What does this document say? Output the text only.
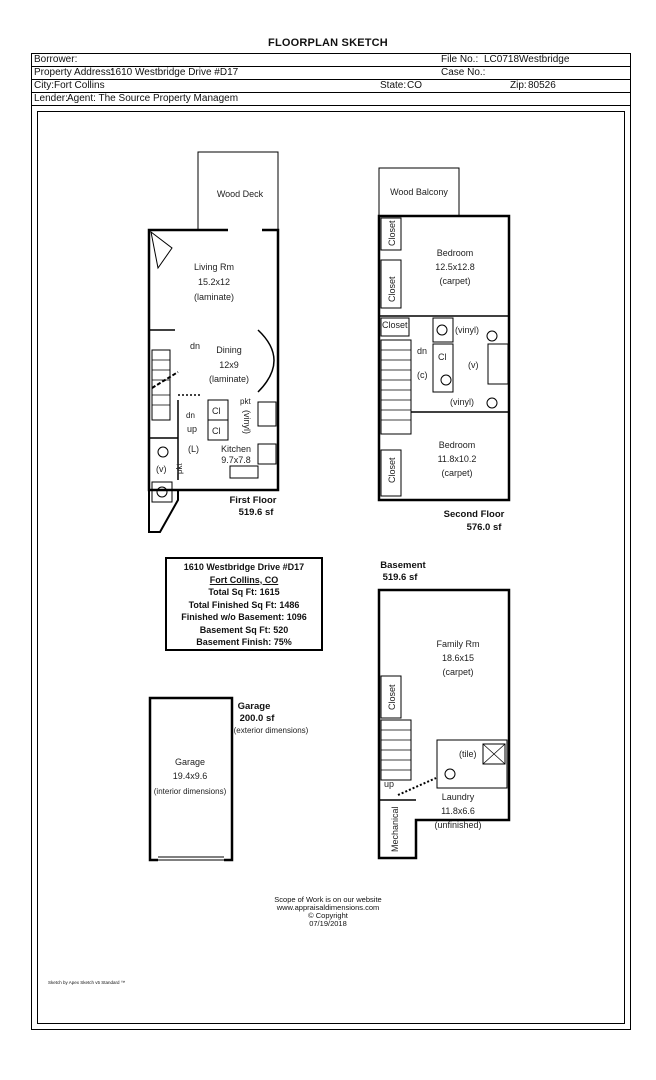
FLOORPLAN SKETCH
Borrower:	File No.: LC0718Westbridge
Property Address:
1610 Westbridge Drive #D17	Case No.:
City: Fort Collins	State: CO	Zip: 80526
Lender: Agent: The Source Property Managem
Wood Deck
Living Rm
15.2x12
(laminate)
dn Dining
12x9
(laminate)
dn
up
Cl
Cl
pkt
(vinyl)
(L) Kitchen
9.7x7.8
(v) pkt
First Floor
519.6 sf
Wood Balcony
Closet
Closet
Bedroom
12.5x12.8
(carpet)
Closet	(vinyl)
dn
Cl
(v)
(c)
(vinyl)
Bedroom
11.8x10.2
(carpet)
Closet
Second Floor
576.0 sf
Basement
519.6 sf
Family Rm
18.6x15
(carpet)
Closet
(tile)
up
Laundry
11.8x6.6
(unfinished)
Mechanical
Garage
200.0 sf
(exterior dimensions)
Garage
19.4x9.6
(interior dimensions)
1610 Westbridge Drive #D17
Fort Collins, CO
Total Sq Ft: 1615
Total Finished Sq Ft: 1486
Finished w/o Basement: 1096
Basement Sq Ft: 520
Basement Finish: 75%
Scope of Work is on our website
www.appraisaldimensions.com
© Copyright
07/19/2018
Sketch by Apex Sketch v5 Standard ™
